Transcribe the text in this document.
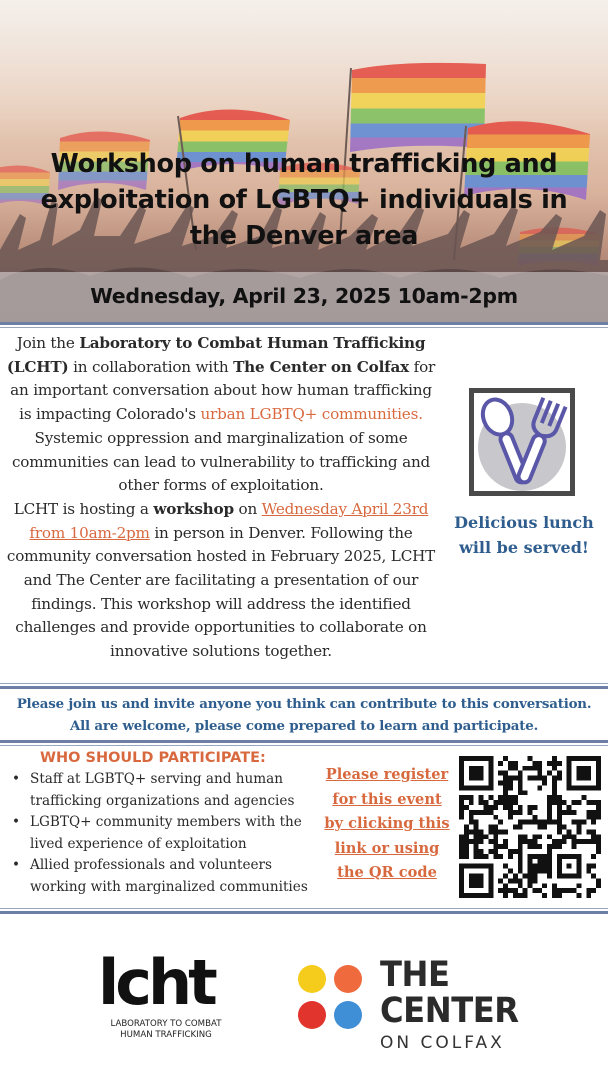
Workshop on human trafficking and
exploitation of LGBTQ+ individuals in
the Denver area
Wednesday, April 23, 2025 10am-2pm
Join the Laboratory to Combat Human Trafficking (LCHT) in collaboration with The Center on Colfax for an important conversation about how human trafficking is impacting Colorado's urban LGBTQ+ communities. Systemic oppression and marginalization of some communities can lead to vulnerability to trafficking and other forms of exploitation.
LCHT is hosting a workshop on Wednesday April 23rd from 10am-2pm in person in Denver. Following the community conversation hosted in February 2025, LCHT and The Center are facilitating a presentation of our findings. This workshop will address the identified challenges and provide opportunities to collaborate on innovative solutions together.
Delicious lunch
will be served!
Please join us and invite anyone you think can contribute to this conversation.
All are welcome, please come prepared to learn and participate.
WHO SHOULD PARTICIPATE:
• Staff at LGBTQ+ serving and human trafficking organizations and agencies
• LGBTQ+ community members with the lived experience of exploitation
• Allied professionals and volunteers working with marginalized communities
Please register
for this event
by clicking this
link or using
the QR code
lcht
LABORATORY TO COMBAT
HUMAN TRAFFICKING
THE
CENTER
ON COLFAX
